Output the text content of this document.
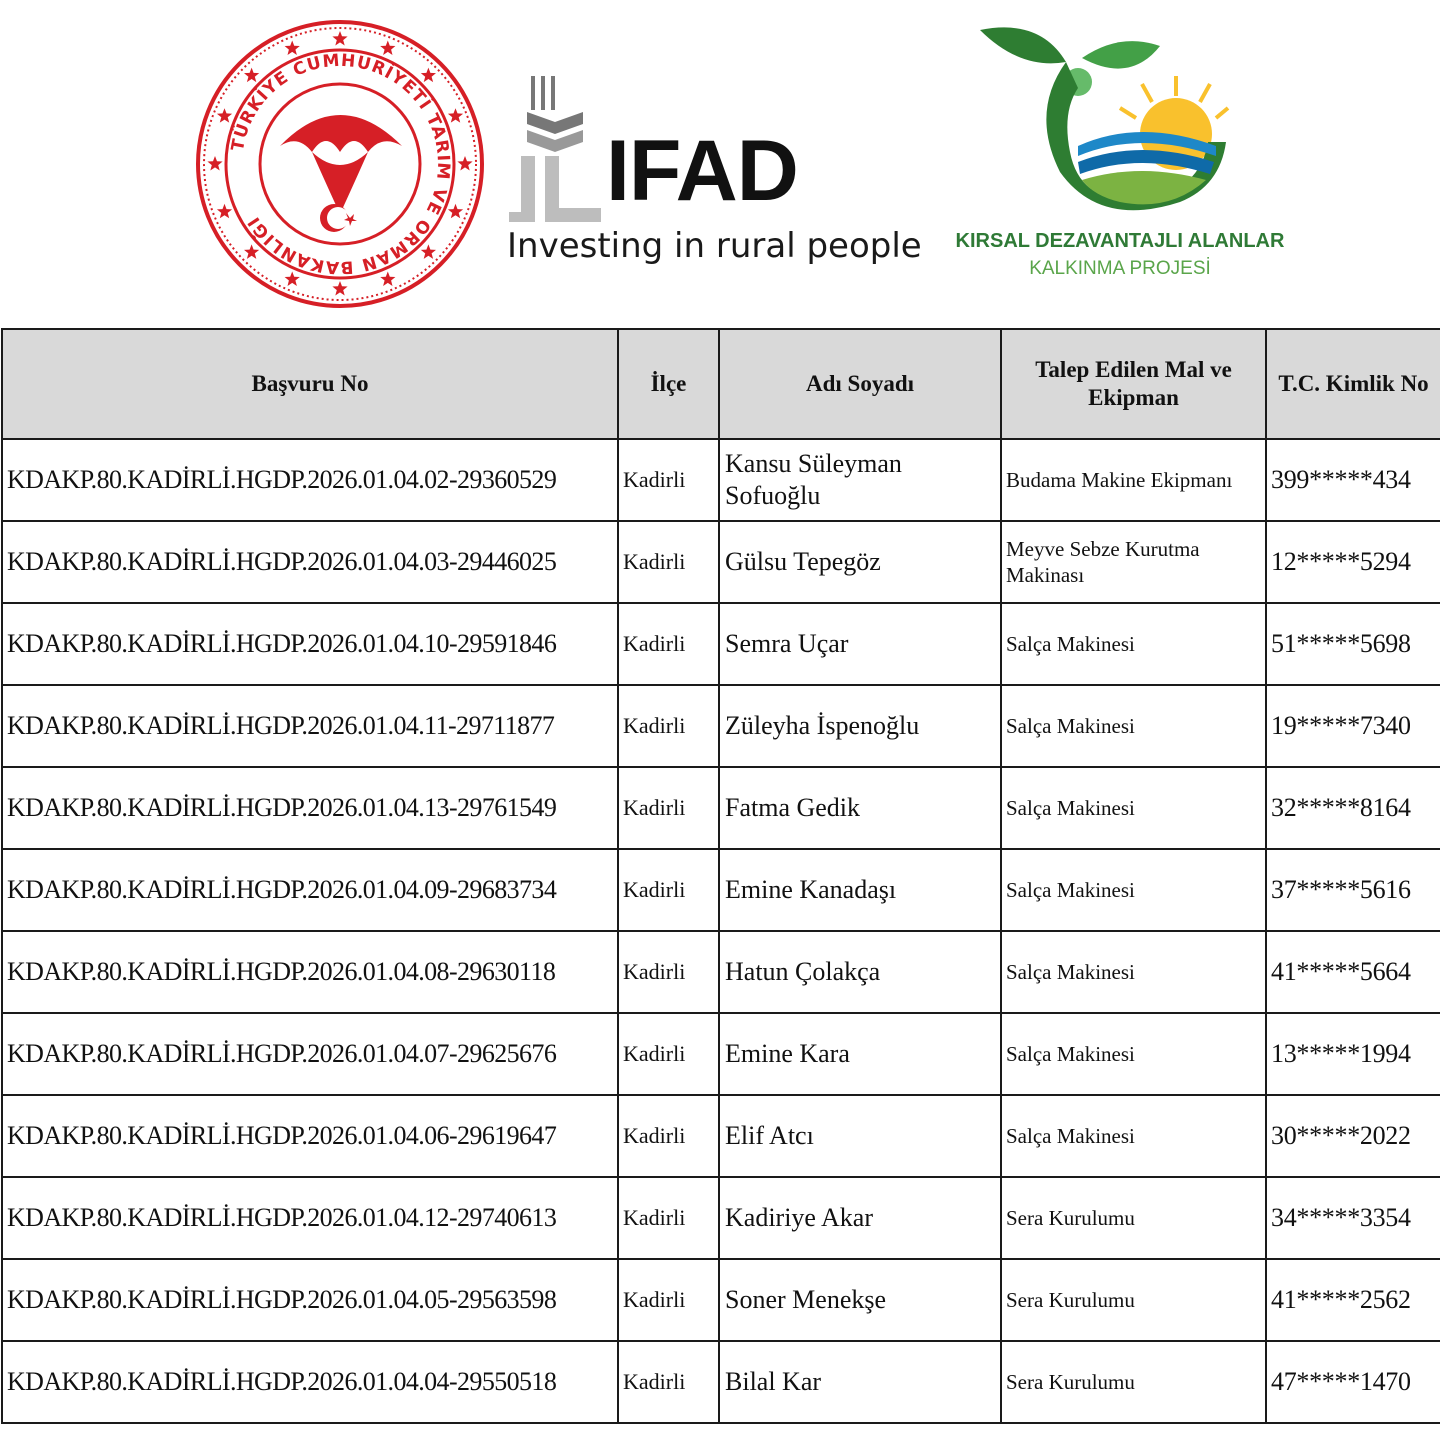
TÜRKİYE CUMHURİYETİ TARIM VE ORMAN BAKANLIĞI
IFAD
Investing in rural people	KIRSAL DEZAVANTAJLI ALANLAR
KALKINMA PROJESİ
Başvuru No	İlçe	Adı Soyadı	Talep Edilen Mal ve Ekipman	T.C. Kimlik No
KDAKP.80.KADİRLİ.HGDP.2026.01.04.02-29360529	Kadirli	Kansu Süleyman Sofuoğlu	Budama Makine Ekipmanı	399*****434
KDAKP.80.KADİRLİ.HGDP.2026.01.04.03-29446025	Kadirli	Gülsu Tepegöz	Meyve Sebze Kurutma Makinası	12*****5294
KDAKP.80.KADİRLİ.HGDP.2026.01.04.10-29591846	Kadirli	Semra Uçar	Salça Makinesi	51*****5698
KDAKP.80.KADİRLİ.HGDP.2026.01.04.11-29711877	Kadirli	Züleyha İspenoğlu	Salça Makinesi	19*****7340
KDAKP.80.KADİRLİ.HGDP.2026.01.04.13-29761549	Kadirli	Fatma Gedik	Salça Makinesi	32*****8164
KDAKP.80.KADİRLİ.HGDP.2026.01.04.09-29683734	Kadirli	Emine Kanadaşı	Salça Makinesi	37*****5616
KDAKP.80.KADİRLİ.HGDP.2026.01.04.08-29630118	Kadirli	Hatun Çolakça	Salça Makinesi	41*****5664
KDAKP.80.KADİRLİ.HGDP.2026.01.04.07-29625676	Kadirli	Emine Kara	Salça Makinesi	13*****1994
KDAKP.80.KADİRLİ.HGDP.2026.01.04.06-29619647	Kadirli	Elif Atcı	Salça Makinesi	30*****2022
KDAKP.80.KADİRLİ.HGDP.2026.01.04.12-29740613	Kadirli	Kadiriye Akar	Sera Kurulumu	34*****3354
KDAKP.80.KADİRLİ.HGDP.2026.01.04.05-29563598	Kadirli	Soner Menekşe	Sera Kurulumu	41*****2562
KDAKP.80.KADİRLİ.HGDP.2026.01.04.04-29550518	Kadirli	Bilal Kar	Sera Kurulumu	47*****1470
